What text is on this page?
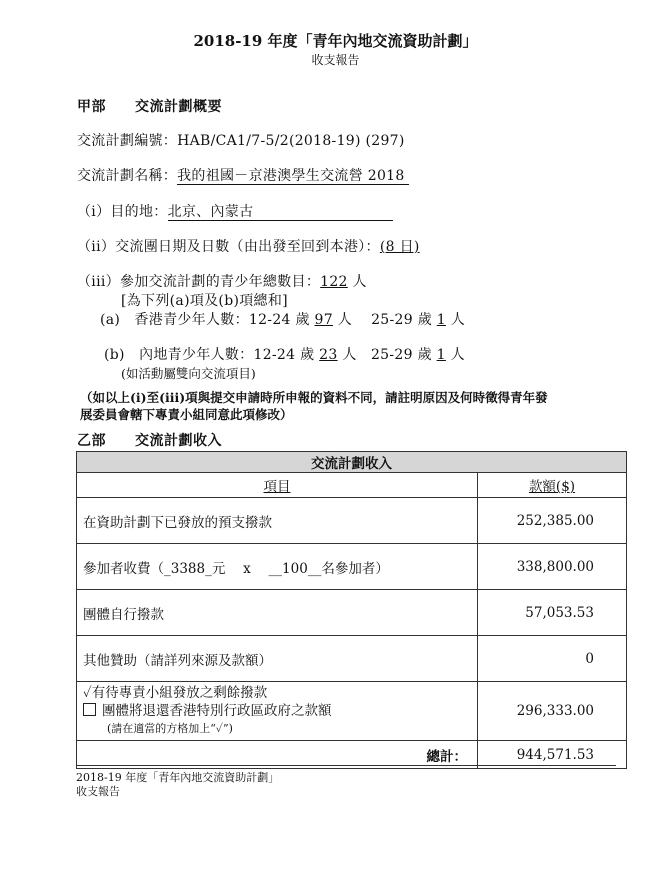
2018-19 年度「青年內地交流資助計劃」
收支報告
甲部　　交流計劃概要
交流計劃編號：HAB/CA1/7-5/2(2018-19) (297)
交流計劃名稱：我的祖國－京港澳學生交流營 2018
（i）目的地：北京、內蒙古
（ii）交流團日期及日數（由出發至回到本港）：(8 日)
（iii）參加交流計劃的青少年總數目：122 人
[為下列(a)項及(b)項總和]
(a)　香港青少年人數：12-24 歲 97 人　 25-29 歲 1 人
(b)　內地青少年人數：12-24 歲 23 人　25-29 歲 1 人
(如活動屬雙向交流項目)
（如以上(i)至(iii)項與提交申請時所申報的資料不同，請註明原因及何時徵得青年發
展委員會轄下專責小組同意此項修改）
乙部　　交流計劃收入
交流計劃收入	
項目	款額($)
在資助計劃下已發放的預支撥款	252,385.00
參加者收費（_3388_元　 x　 __100__名參加者）	338,800.00
團體自行撥款	57,053.53
其他贊助（請詳列來源及款額）	0

✓有待專責小組發放之剩餘撥款
團體將退還香港特別行政區政府之款額
(請在適當的方格加上“✓”)	296,333.00
總計：	944,571.53
2018-19 年度「青年內地交流資助計劃」
收支報告
